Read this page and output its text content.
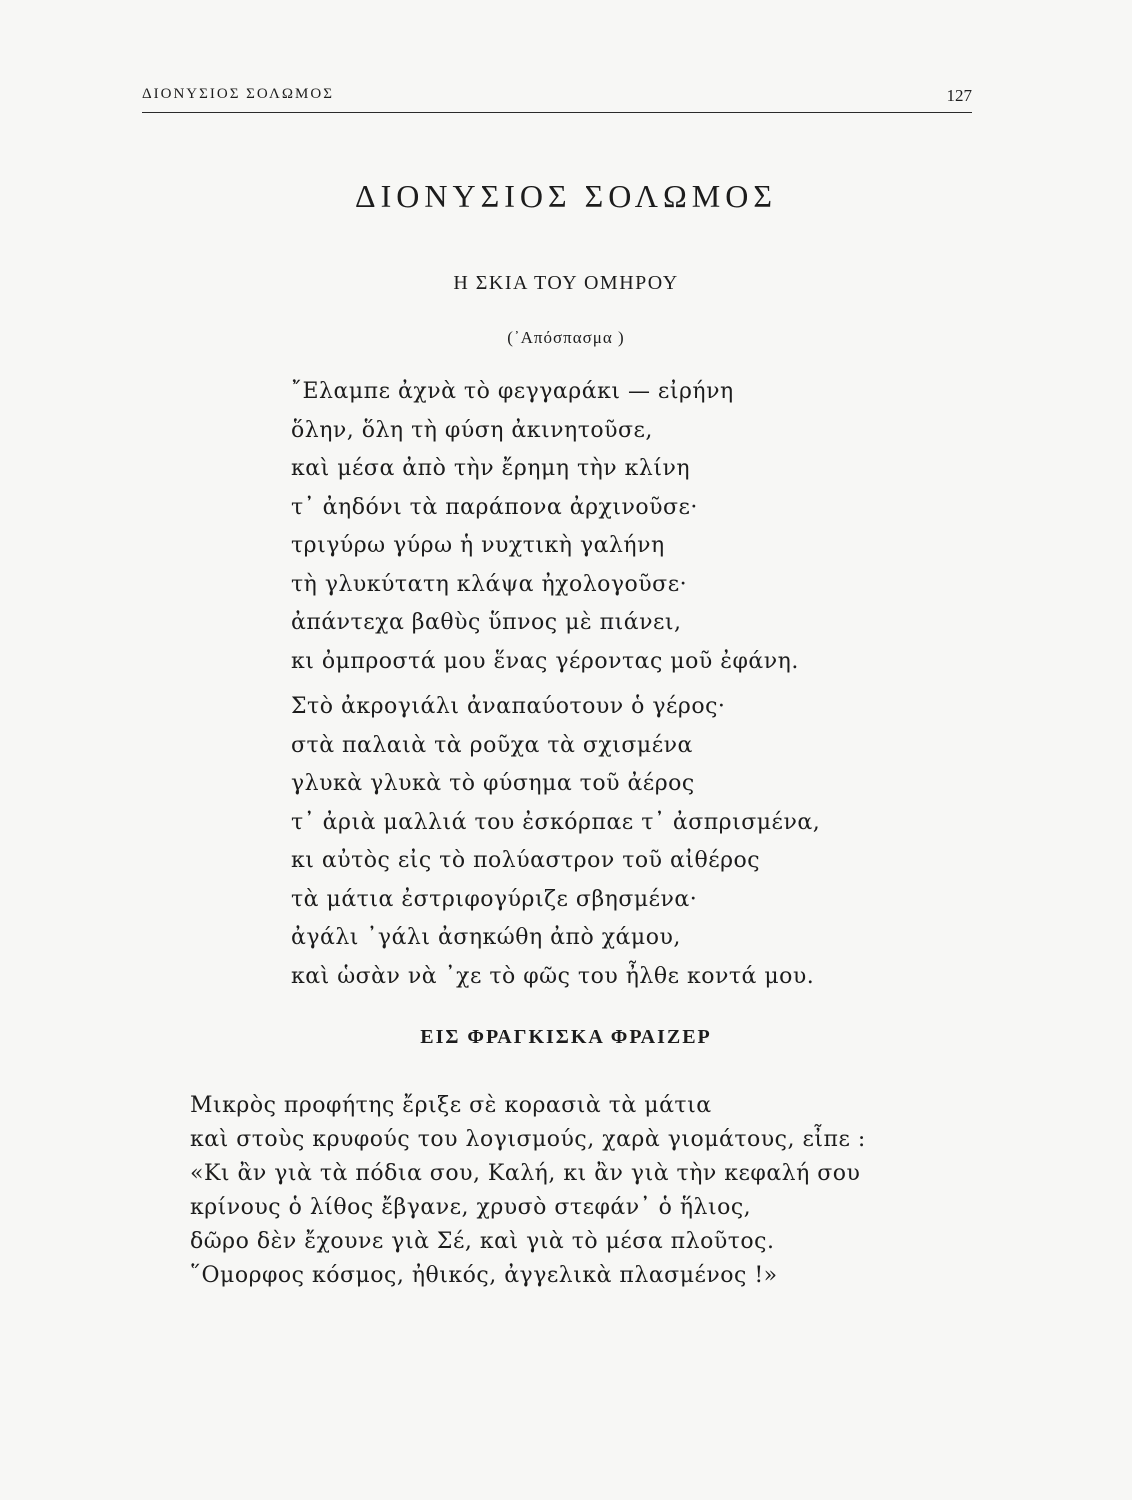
ΔΙΟΝΥΣΙΟΣ ΣΟΛΩΜΟΣ	127
ΔΙΟΝΥΣΙΟΣ ΣΟΛΩΜΟΣ
Η ΣΚΙΑ ΤΟΥ ΟΜΗΡΟΥ
(᾿Απόσπασμα )
῎Ελαμπε ἀχνὰ τὸ φεγγαράκι — εἰρήνη
ὅλην, ὅλη τὴ φύση ἀκινητοῦσε,
καὶ μέσα ἀπὸ τὴν ἔρημη τὴν κλίνη
τ᾿ ἀηδόνι τὰ παράπονα ἀρχινοῦσε·
τριγύρω γύρω ἡ νυχτικὴ γαλήνη
τὴ γλυκύτατη κλάψα ἠχολογοῦσε·
ἀπάντεχα βαθὺς ὕπνος μὲ πιάνει,
κι ὀμπροστά μου ἕνας γέροντας μοῦ ἐφάνη.
Στὸ ἀκρογιάλι ἀναπαύοτουν ὁ γέρος·
στὰ παλαιὰ τὰ ροῦχα τὰ σχισμένα
γλυκὰ γλυκὰ τὸ φύσημα τοῦ ἀέρος
τ᾿ ἀριὰ μαλλιά του ἐσκόρπαε τ᾿ ἀσπρισμένα,
κι αὐτὸς εἰς τὸ πολύαστρον τοῦ αἰθέρος
τὰ μάτια ἐστριφογύριζε σβησμένα·
ἀγάλι ᾿γάλι ἀσηκώθη ἀπὸ χάμου,
καὶ ὡσὰν νὰ ᾿χε τὸ φῶς του ἦλθε κοντά μου.
ΕΙΣ ΦΡΑΓΚΙΣΚΑ ΦΡΑΙΖΕΡ
Μικρὸς προφήτης ἔριξε σὲ κορασιὰ τὰ μάτια
καὶ στοὺς κρυφούς του λογισμούς, χαρὰ γιομάτους, εἶπε :
«Κι ἂν γιὰ τὰ πόδια σου, Καλή, κι ἂν γιὰ τὴν κεφαλή σου
κρίνους ὁ λίθος ἔβγανε, χρυσὸ στεφάν᾿ ὁ ἥλιος,
δῶρο δὲν ἔχουνε γιὰ Σέ, καὶ γιὰ τὸ μέσα πλοῦτος.
῞Ομορφος κόσμος, ἠθικός, ἀγγελικὰ πλασμένος !»
